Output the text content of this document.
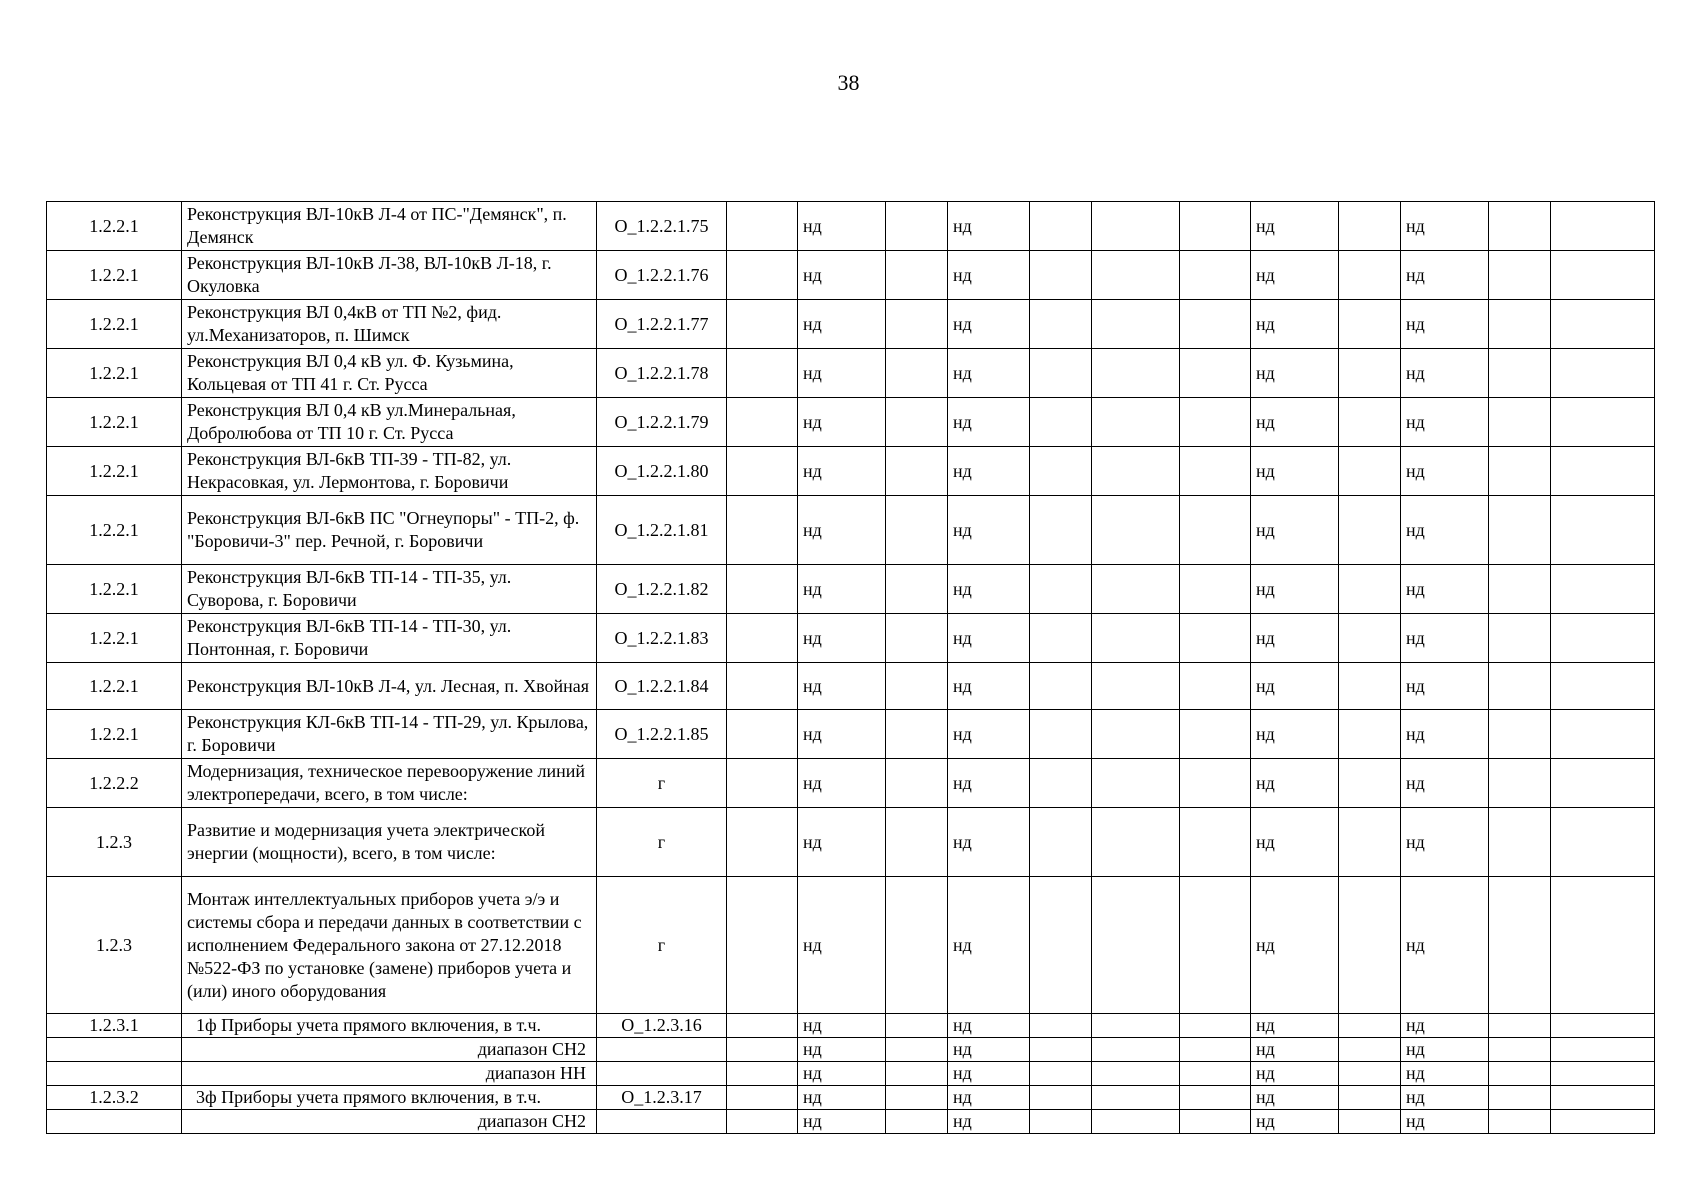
38
1.2.2.1	Реконструкция ВЛ-10кВ Л-4 от ПС-"Демянск", п. Демянск	О_1.2.2.1.75		нд		нд				нд		нд		
1.2.2.1	Реконструкция ВЛ-10кВ Л-38, ВЛ-10кВ Л-18, г. Окуловка	О_1.2.2.1.76		нд		нд				нд		нд		
1.2.2.1	Реконструкция ВЛ 0,4кВ от ТП №2, фид. ул.Механизаторов, п. Шимск	О_1.2.2.1.77		нд		нд				нд		нд		
1.2.2.1	Реконструкция ВЛ 0,4 кВ ул. Ф. Кузьмина, Кольцевая от ТП 41 г. Ст. Русса	О_1.2.2.1.78		нд		нд				нд		нд		
1.2.2.1	Реконструкция ВЛ 0,4 кВ ул.Минеральная, Добролюбова от ТП 10 г. Ст. Русса	О_1.2.2.1.79		нд		нд				нд		нд		
1.2.2.1	Реконструкция ВЛ-6кВ ТП-39 - ТП-82, ул. Некрасовкая, ул. Лермонтова, г. Боровичи	О_1.2.2.1.80		нд		нд				нд		нд		
1.2.2.1	Реконструкция ВЛ-6кВ ПС "Огнеупоры" - ТП-2, ф. "Боровичи-3" пер. Речной, г. Боровичи	О_1.2.2.1.81		нд		нд				нд		нд		
1.2.2.1	Реконструкция ВЛ-6кВ ТП-14 - ТП-35, ул. Суворова, г. Боровичи	О_1.2.2.1.82		нд		нд				нд		нд		
1.2.2.1	Реконструкция ВЛ-6кВ ТП-14 - ТП-30, ул. Понтонная, г. Боровичи	О_1.2.2.1.83		нд		нд				нд		нд		
1.2.2.1	Реконструкция ВЛ-10кВ Л-4, ул. Лесная, п. Хвойная	О_1.2.2.1.84		нд		нд				нд		нд		
1.2.2.1	Реконструкция КЛ-6кВ ТП-14 - ТП-29, ул. Крылова, г. Боровичи	О_1.2.2.1.85		нд		нд				нд		нд		
1.2.2.2	Модернизация, техническое перевооружение линий электропередачи, всего, в том числе:	г		нд		нд				нд		нд		
1.2.3	Развитие и модернизация учета электрической энергии (мощности), всего, в том числе:	г		нд		нд				нд		нд		
1.2.3	Монтаж интеллектуальных приборов учета э/э и системы сбора и передачи данных в соответствии с исполнением Федерального закона от 27.12.2018 №522-ФЗ по установке (замене) приборов учета и (или) иного оборудования	г		нд		нд				нд		нд		
1.2.3.1	1ф Приборы учета прямого включения, в т.ч.	О_1.2.3.16		нд		нд				нд		нд		
	диапазон СН2			нд		нд				нд		нд		
	диапазон НН			нд		нд				нд		нд		
1.2.3.2	3ф Приборы учета прямого включения, в т.ч.	О_1.2.3.17		нд		нд				нд		нд		
	диапазон СН2			нд		нд				нд		нд		
